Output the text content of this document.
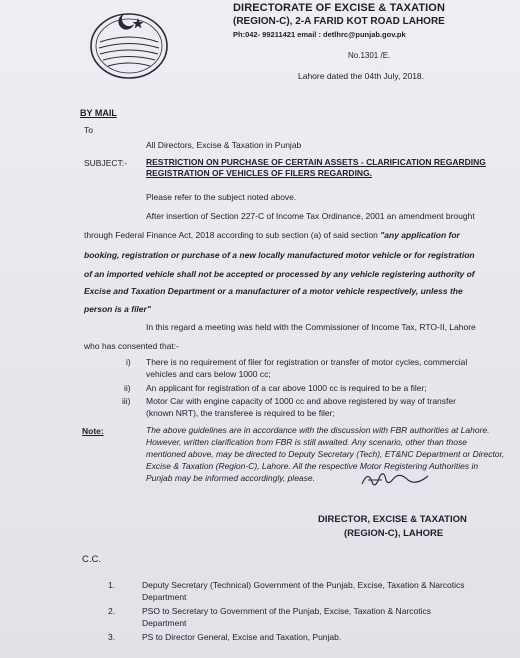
DIRECTORATE OF EXCISE & TAXATION
(REGION-C), 2-A FARID KOT ROAD LAHORE
Ph:042- 99211421 email : detlhrc@punjab.gov.pk
No.1301 /E.
Lahore dated the 04th July, 2018.
BY MAIL
To
All Directors, Excise & Taxation in Punjab
SUBJECT:- RESTRICTION ON PURCHASE OF CERTAIN ASSETS - CLARIFICATION REGARDING REGISTRATION OF VEHICLES OF FILERS REGARDING.
Please refer to the subject noted above.
After insertion of Section 227-C of Income Tax Ordinance, 2001 an amendment brought
through Federal Finance Act, 2018 according to sub section (a) of said section "any application for
booking, registration or purchase of a new locally manufactured motor vehicle or for registration
of an imported vehicle shall not be accepted or processed by any vehicle registering authority of
Excise and Taxation Department or a manufacturer of a motor vehicle respectively, unless the
person is a filer"
In this regard a meeting was held with the Commissioner of Income Tax, RTO-II, Lahore
who has consented that:-
i) There is no requirement of filer for registration or transfer of motor cycles, commercial
vehicles and cars below 1000 cc;
ii) An applicant for registration of a car above 1000 cc is required to be a filer;
iii) Motor Car with engine capacity of 1000 cc and above registered by way of transfer
(known NRT), the transferee is required to be filer;
Note:	The above guidelines are in accordance with the discussion with FBR authorities at Lahore. However, written clarification from FBR is still awaited. Any scenario, other than those mentioned above, may be directed to Deputy Secretary (Tech), ET&NC Department or Director, Excise & Taxation (Region-C), Lahore. All the respective Motor Registering Authorities in Punjab may be informed accordingly, please.
DIRECTOR, EXCISE & TAXATION
(REGION-C), LAHORE
C.C.
1.	Deputy Secretary (Technical) Government of the Punjab, Excise, Taxation & Narcotics
Department
2.	PSO to Secretary to Government of the Punjab, Excise, Taxation & Narcotics
Department
3.	PS to Director General, Excise and Taxation, Punjab.
